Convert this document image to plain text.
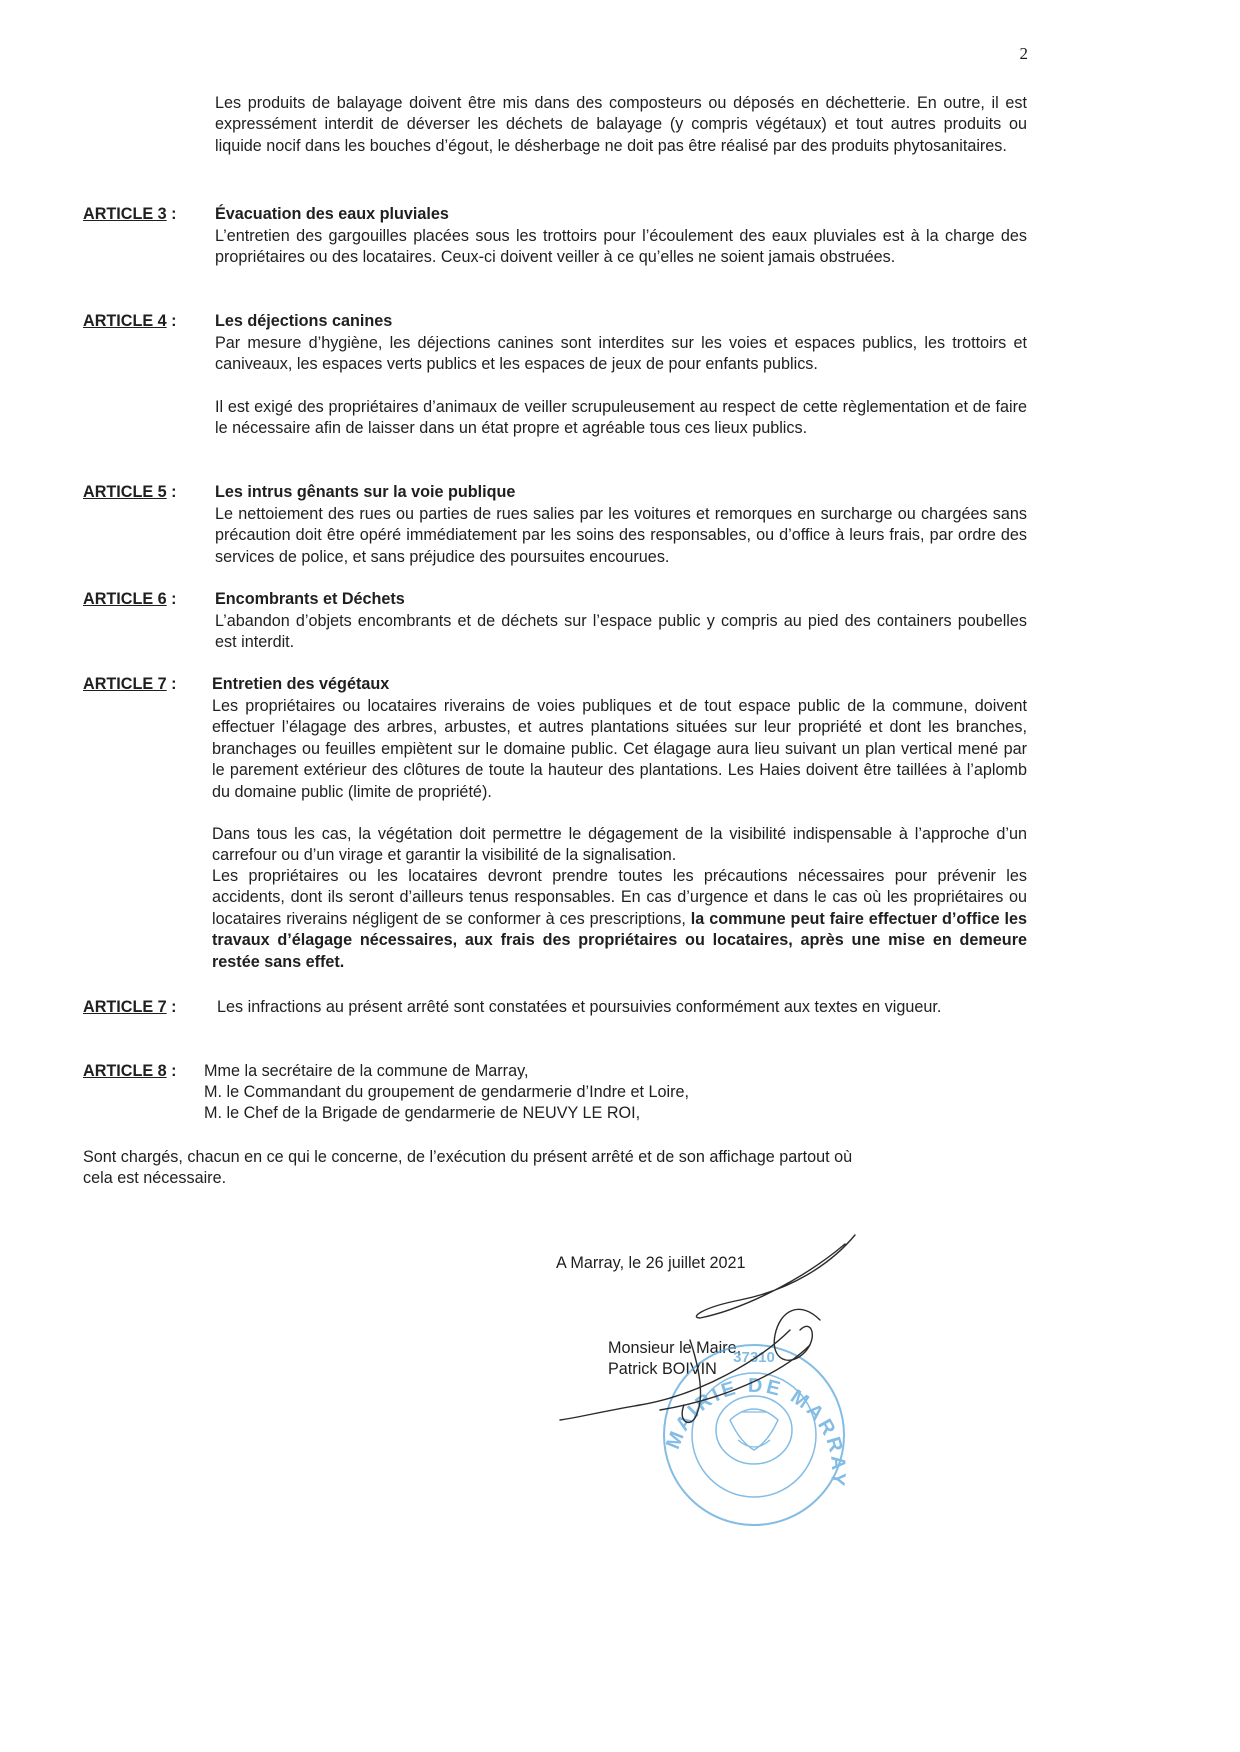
2
Les produits de balayage doivent être mis dans des composteurs ou déposés en déchetterie. En outre, il est expressément interdit de déverser les déchets de balayage (y compris végétaux) et tout autres produits ou liquide nocif dans les bouches d’égout, le désherbage ne doit pas être réalisé par des produits phytosanitaires.
ARTICLE 3 : Évacuation des eaux pluviales
L’entretien des gargouilles placées sous les trottoirs pour l’écoulement des eaux pluviales est à la charge des propriétaires ou des locataires. Ceux-ci doivent veiller à ce qu’elles ne soient jamais obstruées.
ARTICLE 4 : Les déjections canines
Par mesure d’hygiène, les déjections canines sont interdites sur les voies et espaces publics, les trottoirs et caniveaux, les espaces verts publics et les espaces de jeux de pour enfants publics.
Il est exigé des propriétaires d’animaux de veiller scrupuleusement au respect de cette règlementation et de faire le nécessaire afin de laisser dans un état propre et agréable tous ces lieux publics.
ARTICLE 5 : Les intrus gênants sur la voie publique
Le nettoiement des rues ou parties de rues salies par les voitures et remorques en surcharge ou chargées sans précaution doit être opéré immédiatement par les soins des responsables, ou d’office à leurs frais, par ordre des services de police, et sans préjudice des poursuites encourues.
ARTICLE 6 : Encombrants et Déchets
L’abandon d’objets encombrants et de déchets sur l’espace public y compris au pied des containers poubelles est interdit.
ARTICLE 7 : Entretien des végétaux
Les propriétaires ou locataires riverains de voies publiques et de tout espace public de la commune, doivent effectuer l’élagage des arbres, arbustes, et autres plantations situées sur leur propriété et dont les branches, branchages ou feuilles empiètent sur le domaine public. Cet élagage aura lieu suivant un plan vertical mené par le parement extérieur des clôtures de toute la hauteur des plantations. Les Haies doivent être taillées à l’aplomb du domaine public (limite de propriété).
Dans tous les cas, la végétation doit permettre le dégagement de la visibilité indispensable à l’approche d’un carrefour ou d’un virage et garantir la visibilité de la signalisation.
Les propriétaires ou les locataires devront prendre toutes les précautions nécessaires pour prévenir les accidents, dont ils seront d’ailleurs tenus responsables. En cas d’urgence et dans le cas où les propriétaires ou locataires riverains négligent de se conformer à ces prescriptions, la commune peut faire effectuer d’office les travaux d’élagage nécessaires, aux frais des propriétaires ou locataires, après une mise en demeure restée sans effet.
ARTICLE 7 : Les infractions au présent arrêté sont constatées et poursuivies conformément aux textes en vigueur.
ARTICLE 8 : Mme la secrétaire de la commune de Marray,
M. le Commandant du groupement de gendarmerie d’Indre et Loire,
M. le Chef de la Brigade de gendarmerie de NEUVY LE ROI,
Sont chargés, chacun en ce qui le concerne, de l’exécution du présent arrêté et de son affichage partout où cela est nécessaire.
A Marray, le 26 juillet 2021
Monsieur le Maire,
Patrick BOIVIN
MAIRIE DE MARRAY
37310
